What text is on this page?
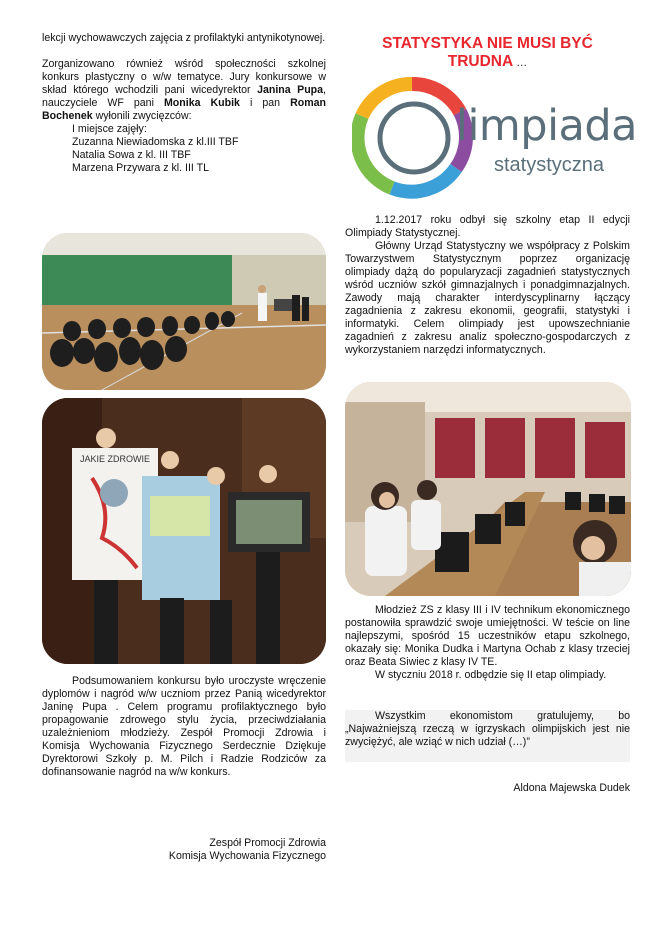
lekcji wychowawczych zajęcia z profilaktyki antynikotynowej.

Zorganizowano również wśród społeczności szkolnej konkurs plastyczny o w/w tematyce. Jury konkursowe w skład którego wchodzili pani wicedyrektor Janina Pupa, nauczyciele WF pani Monika Kubik i pan Roman Bochenek wyłonili zwycięzców:

I miejsce zajęły:

Zuzanna Niewiadomska z kl.III TBF

Natalia Sowa z kl. III TBF

Marzena Przywara z kl. III TL

JAKIE ZDROWIE

Podsumowaniem konkursu było uroczyste wręczenie dyplomów i nagród w/w uczniom przez Panią wicedyrektor Janinę Pupa . Celem programu profilaktycznego było propagowanie zdrowego stylu życia, przeciwdziałania uzależnieniom młodzieży. Zespół Promocji Zdrowia i Komisja Wychowania Fizycznego Serdecznie Dziękuje Dyrektorowi Szkoły p. M. Pilch i Radzie Rodziców za dofinansowanie nagród na w/w konkurs.

Zespół Promocji Zdrowia

Komisja Wychowania Fizycznego

STATYSTYKA NIE MUSI BYĆ

TRUDNA …

limpiada
statystyczna

1.12.2017 roku odbył się szkolny etap II edycji Olimpiady Statystycznej.

Główny Urząd Statystyczny we współpracy z Polskim Towarzystwem Statystycznym poprzez organizację olimpiady dążą do popularyzacji zagadnień statystycznych wśród uczniów szkół gimnazjalnych i ponadgimnazjalnych. Zawody mają charakter interdyscyplinarny łączący zagadnienia z zakresu ekonomii, geografii, statystyki i informatyki. Celem olimpiady jest upowszechnianie zagadnień z zakresu analiz społeczno-gospodarczych z wykorzystaniem narzędzi informatycznych.

Młodzież ZS z klasy III i IV technikum ekonomicznego postanowiła sprawdzić swoje umiejętności. W teście on line najlepszymi, spośród 15 uczestników etapu szkolnego, okazały się: Monika Dudka i Martyna Ochab z klasy trzeciej oraz Beata Siwiec z klasy IV TE.

W styczniu 2018 r. odbędzie się II etap olimpiady.

Wszystkim ekonomistom gratulujemy, bo „Najważniejszą rzeczą w igrzyskach olimpijskich jest nie zwyciężyć, ale wziąć w nich udział (…)”

Aldona Majewska Dudek
